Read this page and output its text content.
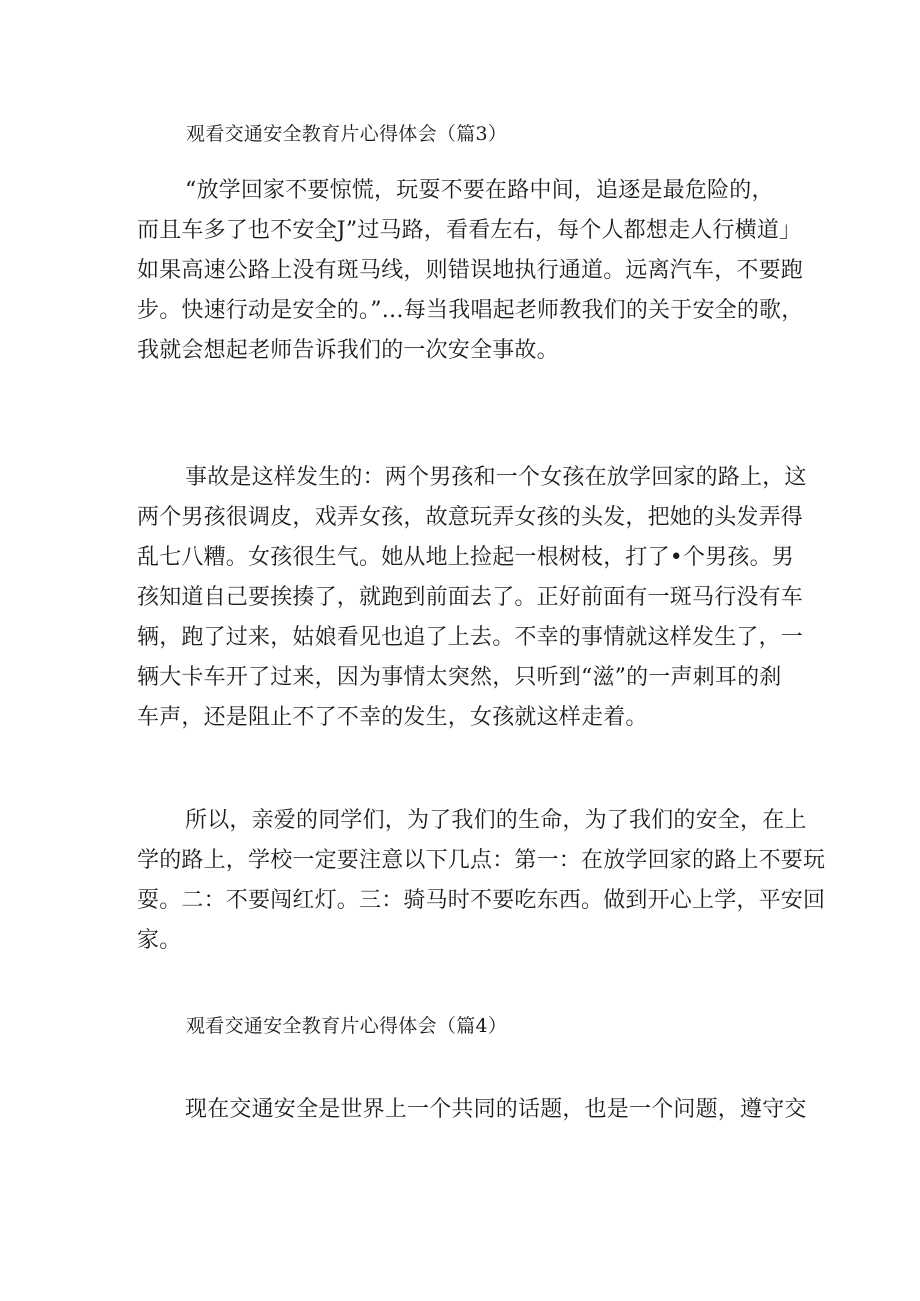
观看交通安全教育片心得体会（篇3）
“放学回家不要惊慌，玩耍不要在路中间，追逐是最危险的，
而且车多了也不安全J”过马路，看看左右，每个人都想走人行横道」
如果高速公路上没有斑马线，则错误地执行通道。远离汽车，不要跑
步。快速行动是安全的。”…每当我唱起老师教我们的关于安全的歌，
我就会想起老师告诉我们的一次安全事故。
事故是这样发生的：两个男孩和一个女孩在放学回家的路上，这
两个男孩很调皮，戏弄女孩，故意玩弄女孩的头发，把她的头发弄得
乱七八糟。女孩很生气。她从地上捡起一根树枝，打了•个男孩。男
孩知道自己要挨揍了，就跑到前面去了。正好前面有一斑马行没有车
辆，跑了过来，姑娘看见也追了上去。不幸的事情就这样发生了，一
辆大卡车开了过来，因为事情太突然，只听到“滋”的一声刺耳的刹
车声，还是阻止不了不幸的发生，女孩就这样走着。
所以，亲爱的同学们，为了我们的生命，为了我们的安全，在上
学的路上，学校一定要注意以下几点：第一：在放学回家的路上不要玩
耍。二：不要闯红灯。三：骑马时不要吃东西。做到开心上学，平安回
家。
观看交通安全教育片心得体会（篇4）
现在交通安全是世界上一个共同的话题，也是一个问题，遵守交
